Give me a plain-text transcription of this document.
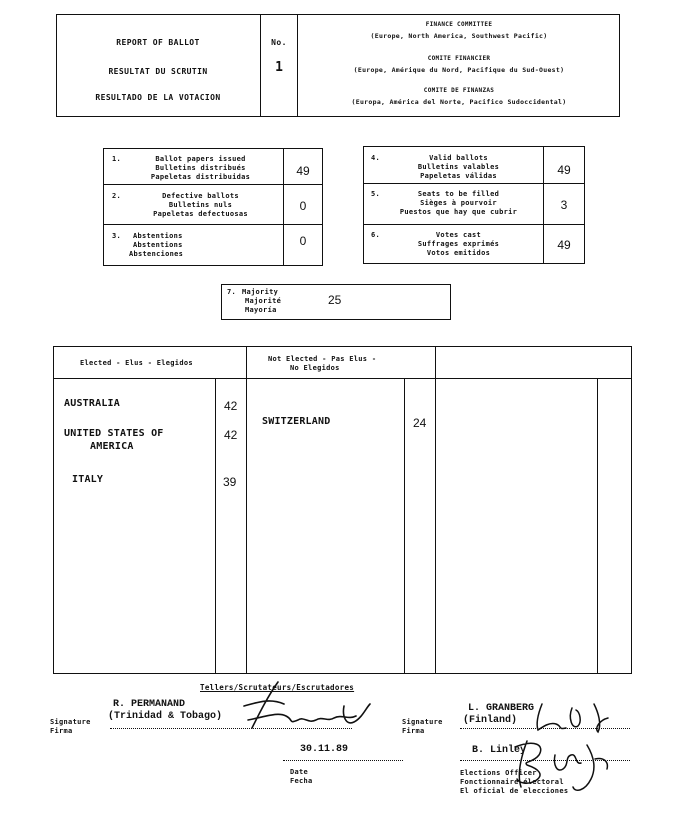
REPORT OF BALLOT
RESULTAT DU SCRUTIN
RESULTADO DE LA VOTACION
No.
1
FINANCE COMMITTEE
(Europe, North America, Southwest Pacific)
COMITE FINANCIER
(Europe, Amérique du Nord, Pacifique du Sud-Ouest)
COMITE DE FINANZAS
(Europa, América del Norte, Pacifico Sudoccidental)
1.	Ballot papers issued
Bulletins distribués
Papeletas distribuidas	49
2.	Defective ballots
Bulletins nuls
Papeletas defectuosas
0
3. Abstentions
Abstentions
Abstenciones
0
4.	Valid ballots
Bulletins valables
Papeletas válidas	49
5.	Seats to be filled
Sièges à pourvoir
Puestos que hay que cubrir	3
6.	Votes cast
Suffrages exprimés
Votos emitidos
49
7. Majority
Majorité
Mayoría
25
Elected - Elus - Elegidos	Not Elected - Pas Elus -
No Elegidos
AUSTRALIA	42
UNITED STATES OF
AMERICA
42
ITALY	39
SWITZERLAND	24
Tellers/Scrutateurs/Escrutadores
R. PERMANAND
(Trinidad & Tobago)
Signature
Firma
L. GRANBERG
(Finland)
Signature
Firma
30.11.89
Date
Fecha
B. Linley
Elections Officer
Fonctionnaire électoral
El oficial de elecciones
